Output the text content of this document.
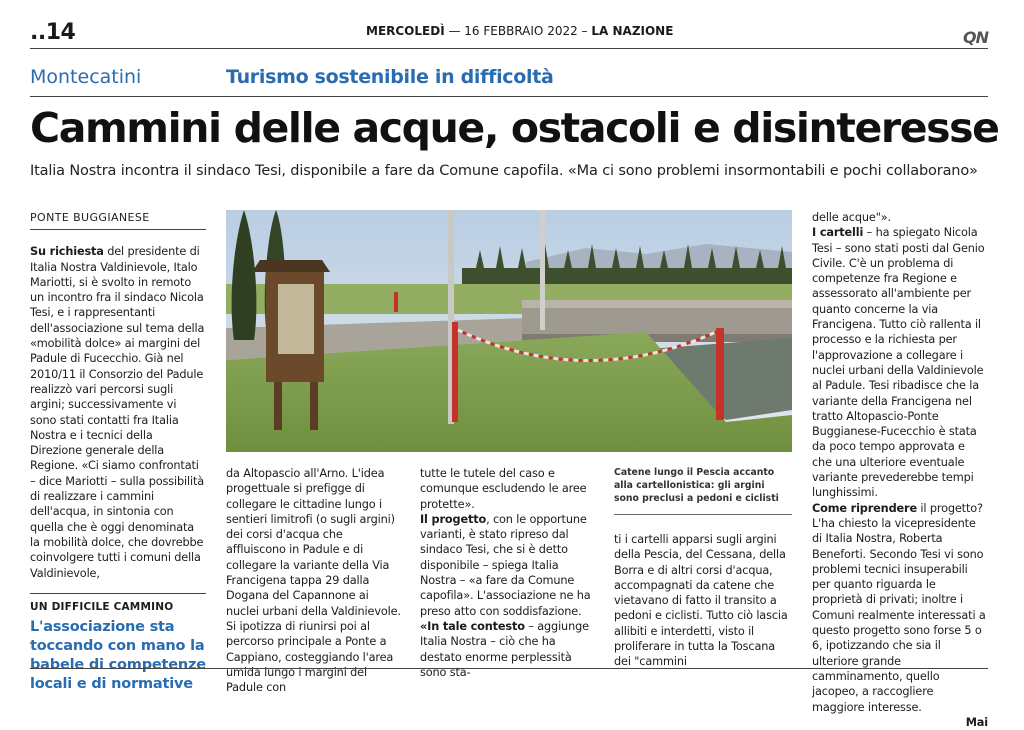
..14	MERCOLEDÌ — 16 FEBBRAIO 2022 – LA NAZIONE	QN
Montecatini	Turismo sostenibile in difficoltà
Cammini delle acque, ostacoli e disinteresse
Italia Nostra incontra il sindaco Tesi, disponibile a fare da Comune capofila. «Ma ci sono problemi insormontabili e pochi collaborano»
PONTE BUGGIANESE

Su richiesta del presidente di Italia Nostra Valdinievole, Italo Mariotti, si è svolto in remoto un incontro fra il sindaco Nicola Tesi, e i rappresentanti dell'associazione sul tema della «mobilità dolce» ai margini del Padule di Fucecchio. Già nel 2010/11 il Consorzio del Padule realizzò vari percorsi sugli argini; successivamente vi sono stati contatti fra Italia Nostra e i tecnici della Direzione generale della Regione. «Ci siamo confrontati – dice Mariotti – sulla possibilità di realizzare i cammini dell'acqua, in sintonia con quella che è oggi denominata la mobilità dolce, che dovrebbe coinvolgere tutti i comuni della Valdinievole,

UN DIFFICILE CAMMINO
L'associazione sta toccando con mano la babele di competenze locali e di normative

da Altopascio all'Arno. L'idea progettuale si prefigge di collegare le cittadine lungo i sentieri limitrofi (o sugli argini) dei corsi d'acqua che affluiscono in Padule e di collegare la variante della Via Francigena tappa 29 dalla Dogana del Capannone ai nuclei urbani della Valdinievole. Si ipotizza di riunirsi poi al percorso principale a Ponte a Cappiano, costeggiando l'area umida lungo i margini del Padule con

tutte le tutele del caso e comunque escludendo le aree protette».

Il progetto, con le opportune varianti, è stato ripreso dal sindaco Tesi, che si è detto disponibile – spiega Italia Nostra – «a fare da Comune capofila». L'associazione ne ha preso atto con soddisfazione.

«In tale contesto – aggiunge Italia Nostra – ciò che ha destato enorme perplessità sono sta-

Catene lungo il Pescia accanto alla cartellonistica: gli argini sono preclusi a pedoni e ciclisti

ti i cartelli apparsi sugli argini della Pescia, del Cessana, della Borra e di altri corsi d'acqua, accompagnati da catene che vietavano di fatto il transito a pedoni e ciclisti. Tutto ciò lascia allibiti e interdetti, visto il proliferare in tutta la Toscana dei "cammini

delle acque"».

I cartelli – ha spiegato Nicola Tesi – sono stati posti dal Genio Civile. C'è un problema di competenze fra Regione e assessorato all'ambiente per quanto concerne la via Francigena. Tutto ciò rallenta il processo e la richiesta per l'approvazione a collegare i nuclei urbani della Valdinievole al Padule. Tesi ribadisce che la variante della Francigena nel tratto Altopascio-Ponte Buggianese-Fucecchio è stata da poco tempo approvata e che una ulteriore eventuale variante prevederebbe tempi lunghissimi.

Come riprendere il progetto? L'ha chiesto la vicepresidente di Italia Nostra, Roberta Beneforti. Secondo Tesi vi sono problemi tecnici insuperabili per quanto riguarda le proprietà di privati; inoltre i Comuni realmente interessati a questo progetto sono forse 5 o 6, ipotizzando che sia il ulteriore grande camminamento, quello jacopeo, a raccogliere maggiore interesse.

Mai
